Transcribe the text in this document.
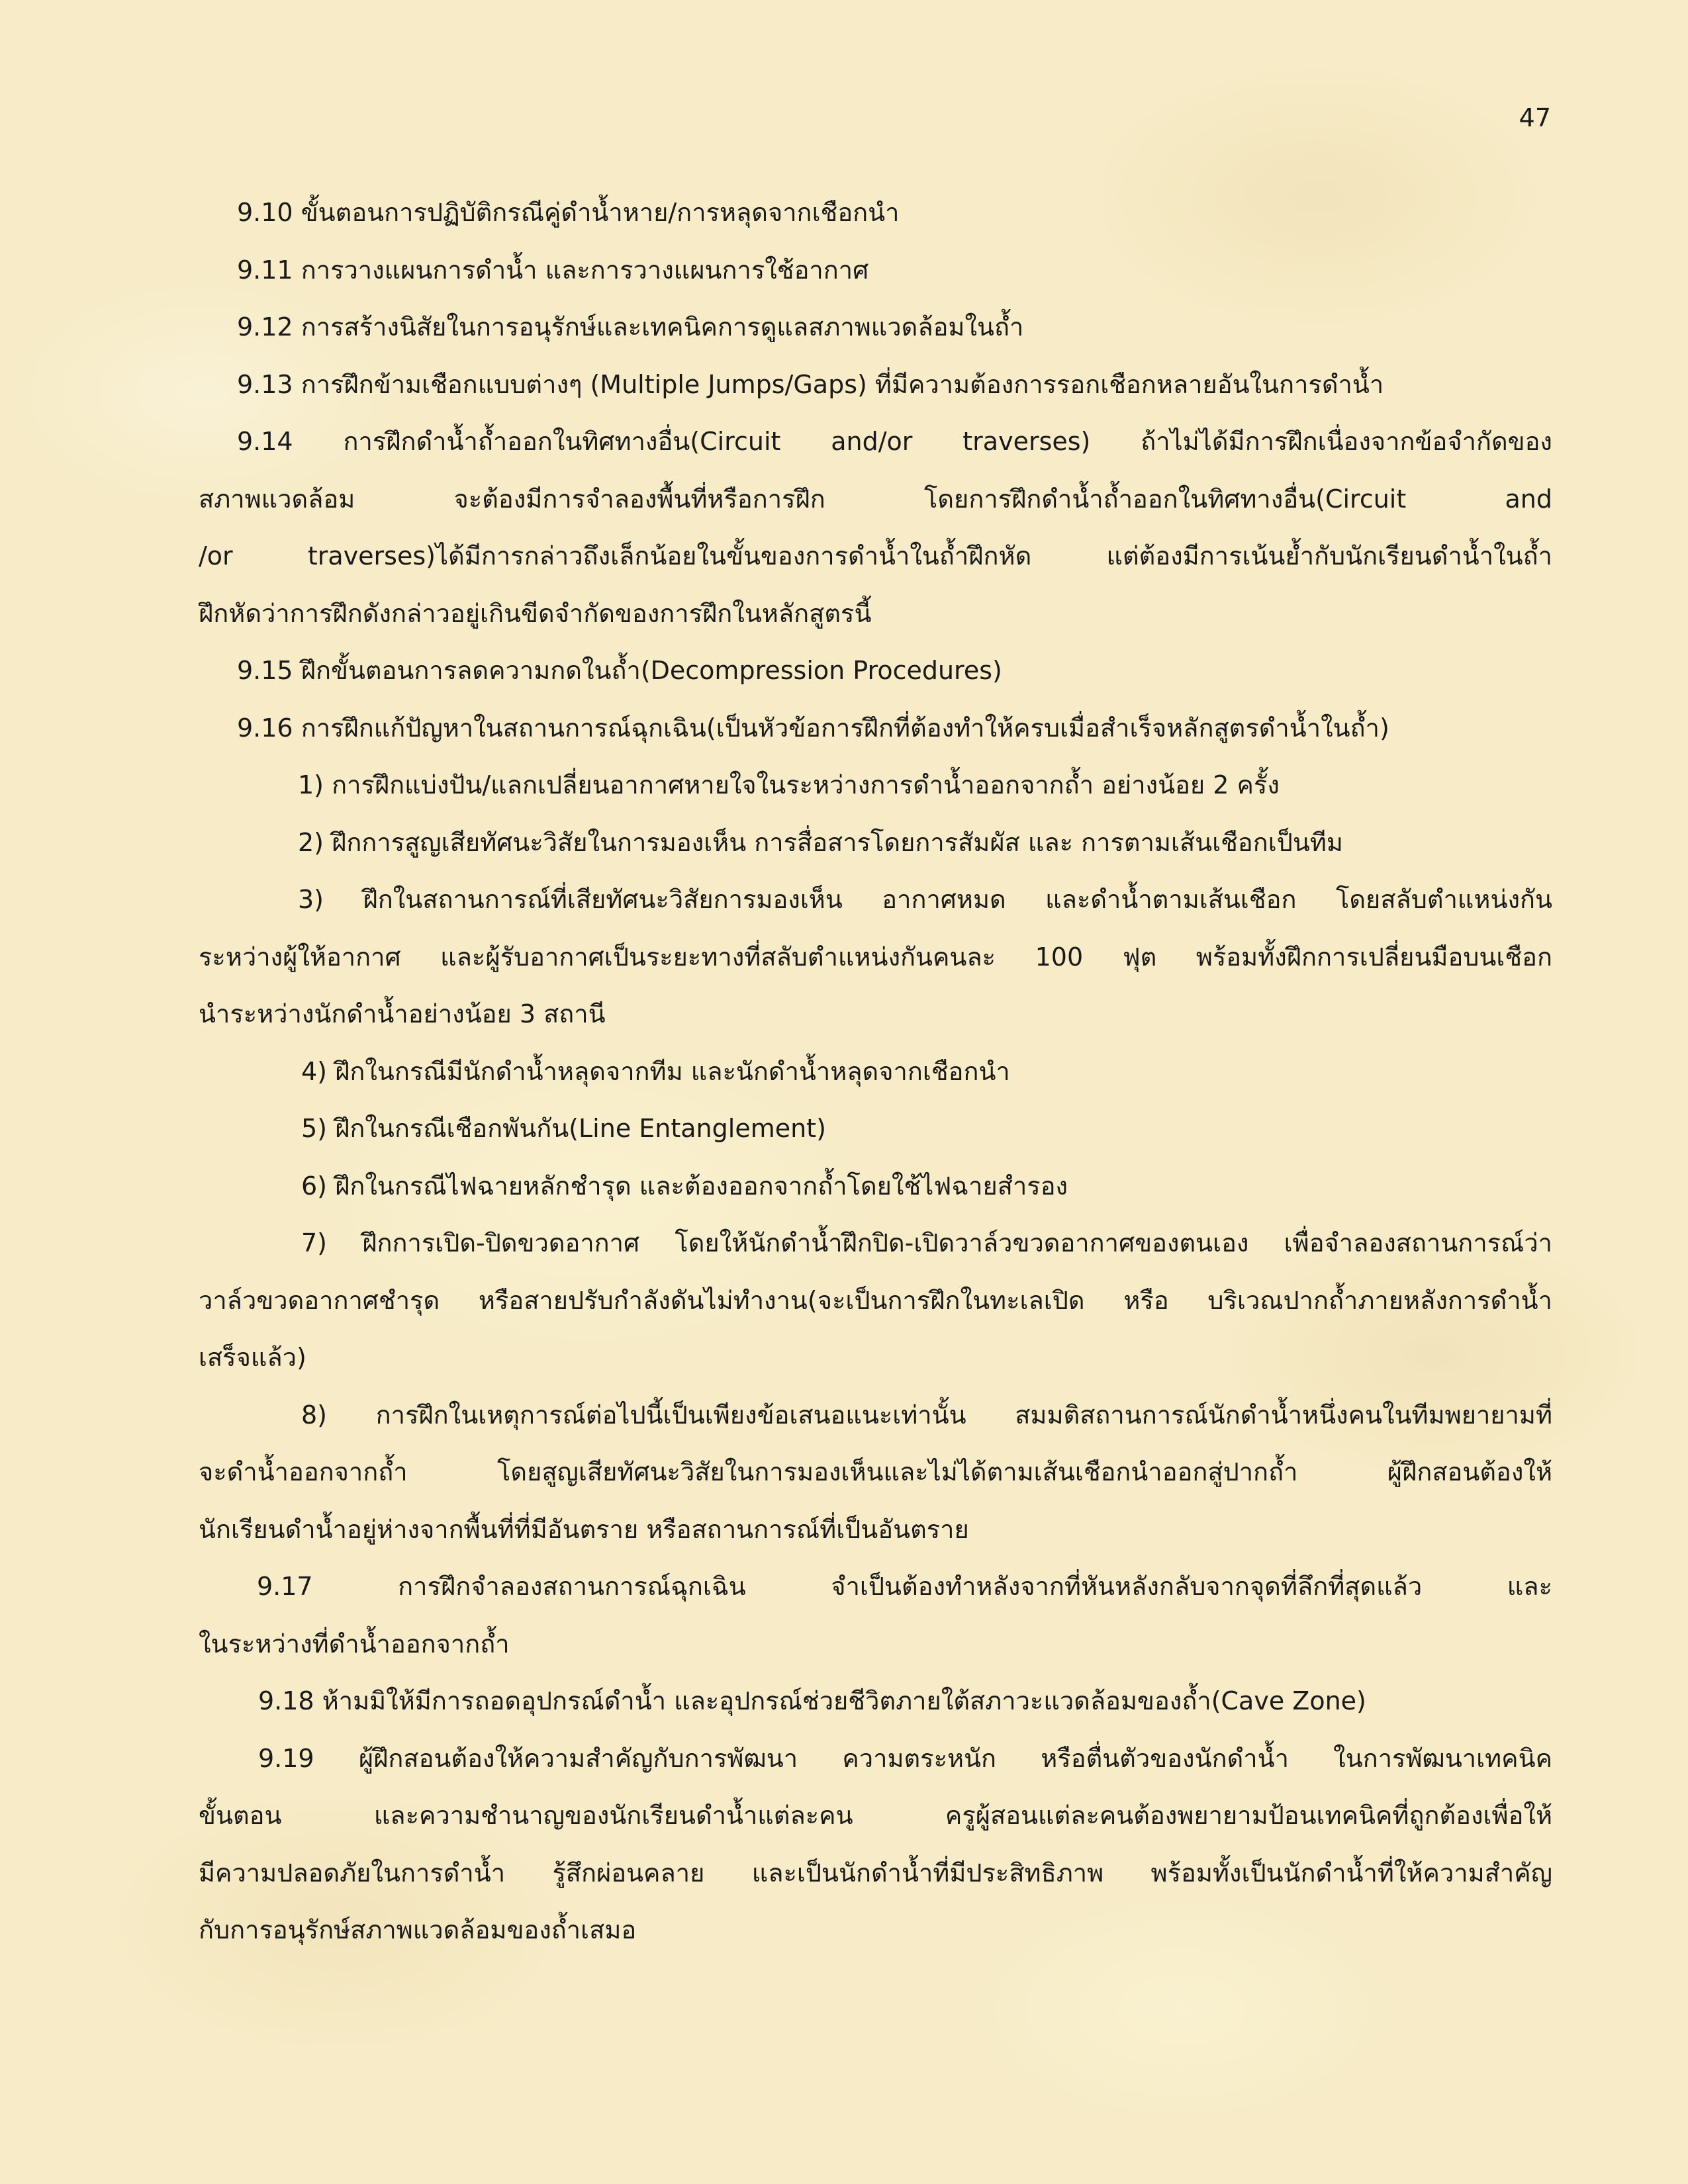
47
9.10 ขั้นตอนการปฏิบัติกรณีคู่ดำน้ำหาย/การหลุดจากเชือกนำ
9.11 การวางแผนการดำน้ำ และการวางแผนการใช้อากาศ
9.12 การสร้างนิสัยในการอนุรักษ์และเทคนิคการดูแลสภาพแวดล้อมในถ้ำ
9.13 การฝึกข้ามเชือกแบบต่างๆ (Multiple Jumps/Gaps) ที่มีความต้องการรอกเชือกหลายอันในการดำน้ำ
9.14 การฝึกดำน้ำถ้ำออกในทิศทางอื่น(Circuit and/or traverses) ถ้าไม่ได้มีการฝึกเนื่องจากข้อจำกัดของ
สภาพแวดล้อม จะต้องมีการจำลองพื้นที่หรือการฝึก โดยการฝึกดำน้ำถ้ำออกในทิศทางอื่น(Circuit and
/or traverses)ได้มีการกล่าวถึงเล็กน้อยในขั้นของการดำน้ำในถ้ำฝึกหัด แต่ต้องมีการเน้นย้ำกับนักเรียนดำน้ำในถ้ำ
ฝึกหัดว่าการฝึกดังกล่าวอยู่เกินขีดจำกัดของการฝึกในหลักสูตรนี้
9.15 ฝึกขั้นตอนการลดความกดในถ้ำ(Decompression Procedures)
9.16 การฝึกแก้ปัญหาในสถานการณ์ฉุกเฉิน(เป็นหัวข้อการฝึกที่ต้องทำให้ครบเมื่อสำเร็จหลักสูตรดำน้ำในถ้ำ)
1) การฝึกแบ่งปัน/แลกเปลี่ยนอากาศหายใจในระหว่างการดำน้ำออกจากถ้ำ อย่างน้อย 2 ครั้ง
2) ฝึกการสูญเสียทัศนะวิสัยในการมองเห็น การสื่อสารโดยการสัมผัส และ การตามเส้นเชือกเป็นทีม
3) ฝึกในสถานการณ์ที่เสียทัศนะวิสัยการมองเห็น อากาศหมด และดำน้ำตามเส้นเชือก โดยสลับตำแหน่งกัน
ระหว่างผู้ให้อากาศ และผู้รับอากาศเป็นระยะทางที่สลับตำแหน่งกันคนละ 100 ฟุต พร้อมทั้งฝึกการเปลี่ยนมือบนเชือก
นำระหว่างนักดำน้ำอย่างน้อย 3 สถานี
4) ฝึกในกรณีมีนักดำน้ำหลุดจากทีม และนักดำน้ำหลุดจากเชือกนำ
5) ฝึกในกรณีเชือกพันกัน(Line Entanglement)
6) ฝึกในกรณีไฟฉายหลักชำรุด และต้องออกจากถ้ำโดยใช้ไฟฉายสำรอง
7) ฝึกการเปิด-ปิดขวดอากาศ โดยให้นักดำน้ำฝึกปิด-เปิดวาล์วขวดอากาศของตนเอง เพื่อจำลองสถานการณ์ว่า
วาล์วขวดอากาศชำรุด หรือสายปรับกำลังดันไม่ทำงาน(จะเป็นการฝึกในทะเลเปิด หรือ บริเวณปากถ้ำภายหลังการดำน้ำ
เสร็จแล้ว)
8) การฝึกในเหตุการณ์ต่อไปนี้เป็นเพียงข้อเสนอแนะเท่านั้น สมมติสถานการณ์นักดำน้ำหนึ่งคนในทีมพยายามที่
จะดำน้ำออกจากถ้ำ โดยสูญเสียทัศนะวิสัยในการมองเห็นและไม่ได้ตามเส้นเชือกนำออกสู่ปากถ้ำ ผู้ฝึกสอนต้องให้
นักเรียนดำน้ำอยู่ห่างจากพื้นที่ที่มีอันตราย หรือสถานการณ์ที่เป็นอันตราย
9.17 การฝึกจำลองสถานการณ์ฉุกเฉิน จำเป็นต้องทำหลังจากที่หันหลังกลับจากจุดที่ลึกที่สุดแล้ว และ
ในระหว่างที่ดำน้ำออกจากถ้ำ
9.18 ห้ามมิให้มีการถอดอุปกรณ์ดำน้ำ และอุปกรณ์ช่วยชีวิตภายใต้สภาวะแวดล้อมของถ้ำ(Cave Zone)
9.19 ผู้ฝึกสอนต้องให้ความสำคัญกับการพัฒนา ความตระหนัก หรือตื่นตัวของนักดำน้ำ ในการพัฒนาเทคนิค
ขั้นตอน และความชำนาญของนักเรียนดำน้ำแต่ละคน ครูผู้สอนแต่ละคนต้องพยายามป้อนเทคนิคที่ถูกต้องเพื่อให้
มีความปลอดภัยในการดำน้ำ รู้สึกผ่อนคลาย และเป็นนักดำน้ำที่มีประสิทธิภาพ พร้อมทั้งเป็นนักดำน้ำที่ให้ความสำคัญ
กับการอนุรักษ์สภาพแวดล้อมของถ้ำเสมอ
